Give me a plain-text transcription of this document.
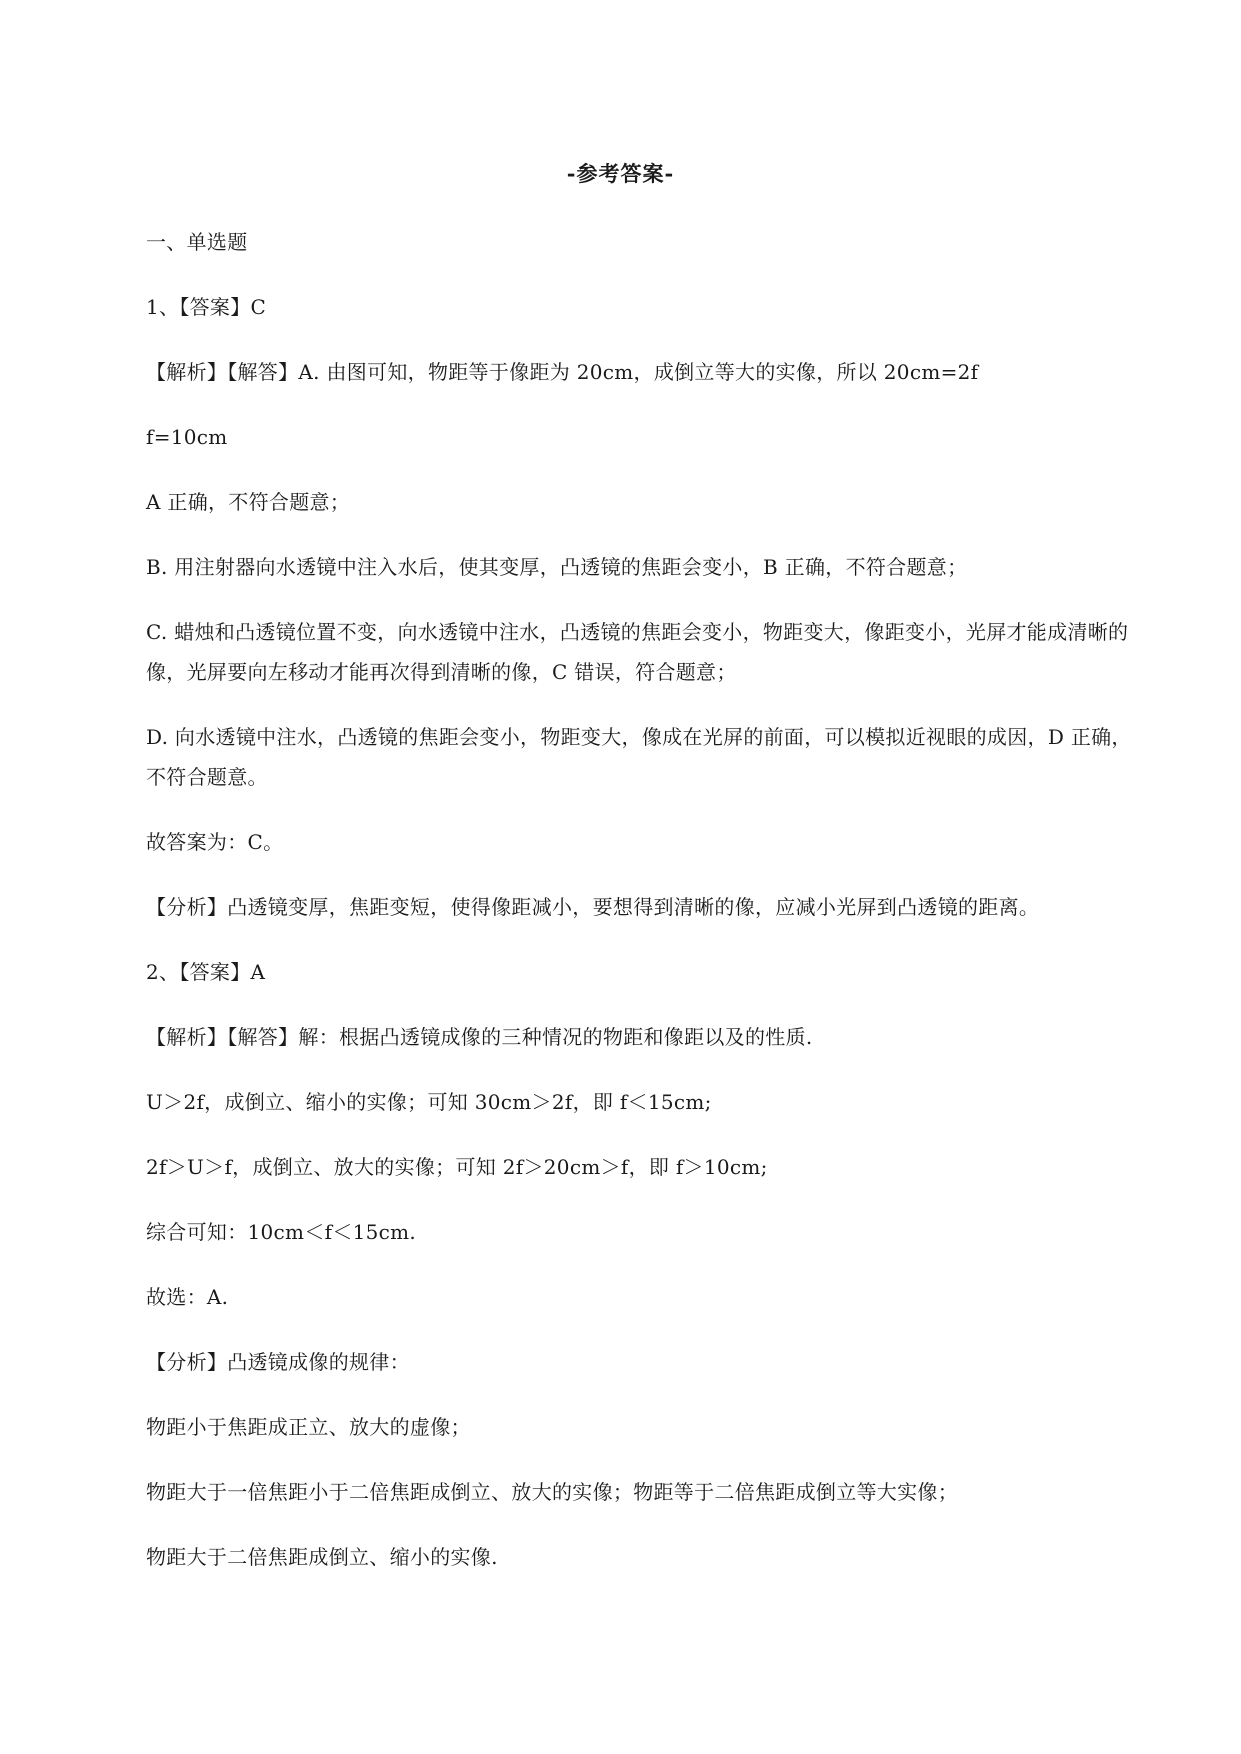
-参考答案-

一、单选题

1、【答案】C

【解析】【解答】A. 由图可知，物距等于像距为 20cm，成倒立等大的实像，所以 20cm=2f

f=10cm

A 正确，不符合题意；

B. 用注射器向水透镜中注入水后，使其变厚，凸透镜的焦距会变小，B 正确，不符合题意；

C. 蜡烛和凸透镜位置不变，向水透镜中注水，凸透镜的焦距会变小，物距变大，像距变小，光屏才能成清晰的像，光屏要向左移动才能再次得到清晰的像，C 错误，符合题意；

D. 向水透镜中注水，凸透镜的焦距会变小，物距变大，像成在光屏的前面，可以模拟近视眼的成因，D 正确，不符合题意。

故答案为：C。

【分析】凸透镜变厚，焦距变短，使得像距减小，要想得到清晰的像，应减小光屏到凸透镜的距离。

2、【答案】A

【解析】【解答】解：根据凸透镜成像的三种情况的物距和像距以及的性质.

U＞2f，成倒立、缩小的实像；可知 30cm＞2f，即 f＜15cm;

2f＞U＞f，成倒立、放大的实像；可知 2f＞20cm＞f，即 f＞10cm;

综合可知：10cm＜f＜15cm.

故选：A.

【分析】凸透镜成像的规律：

物距小于焦距成正立、放大的虚像；

物距大于一倍焦距小于二倍焦距成倒立、放大的实像；物距等于二倍焦距成倒立等大实像；

物距大于二倍焦距成倒立、缩小的实像.
